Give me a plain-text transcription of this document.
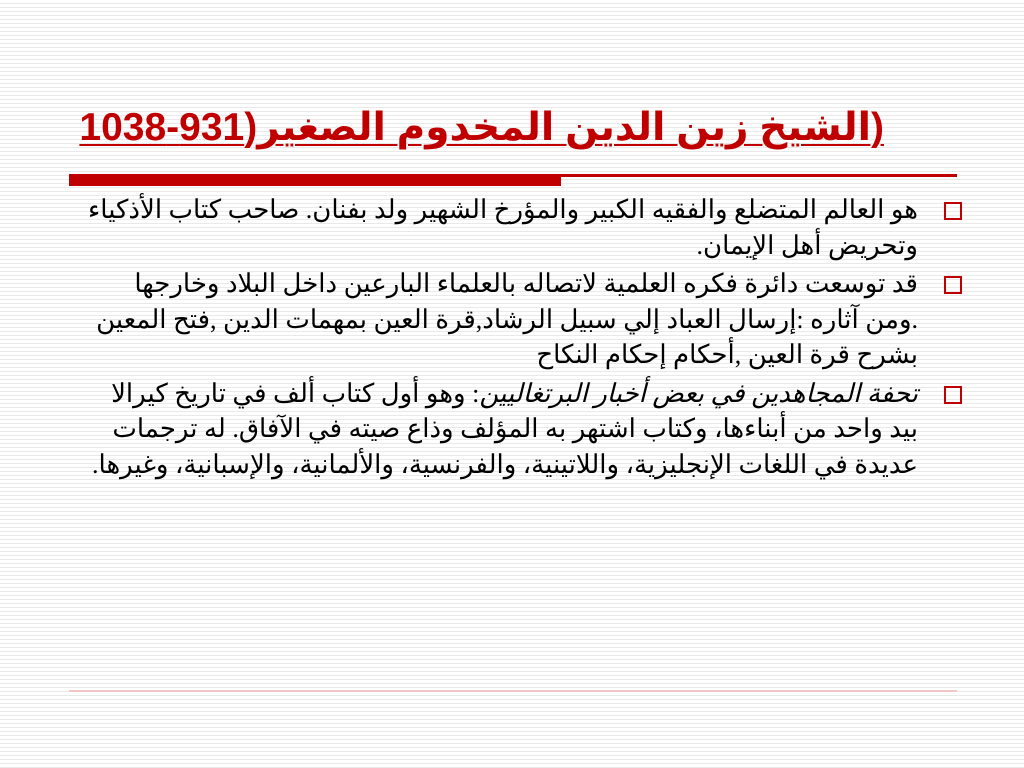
(الشيخ زين الدين المخدوم الصغير(931-1038
هو العالم المتضلع والفقيه الكبير والمؤرخ الشهير ولد بفنان. صاحب كتاب الأذكياء وتحريض أهل الإيمان.
قد توسعت دائرة فكره العلمية لاتصاله بالعلماء البارعين داخل البلاد وخارجها .ومن آثاره :إرسال العباد إلي سبيل الرشاد,قرة العين بمهمات الدين ,فتح المعين بشرح قرة العين ,أحكام إحكام النكاح
تحفة المجاهدين في بعض أخبار البرتغاليين: وهو أول كتاب ألف في تاريخ كيرالا بيد واحد من أبناءها، وكتاب اشتهر به المؤلف وذاع صيته في الآفاق. له ترجمات عديدة في اللغات الإنجليزية، واللاتينية، والفرنسية، والألمانية، والإسبانية، وغيرها.
